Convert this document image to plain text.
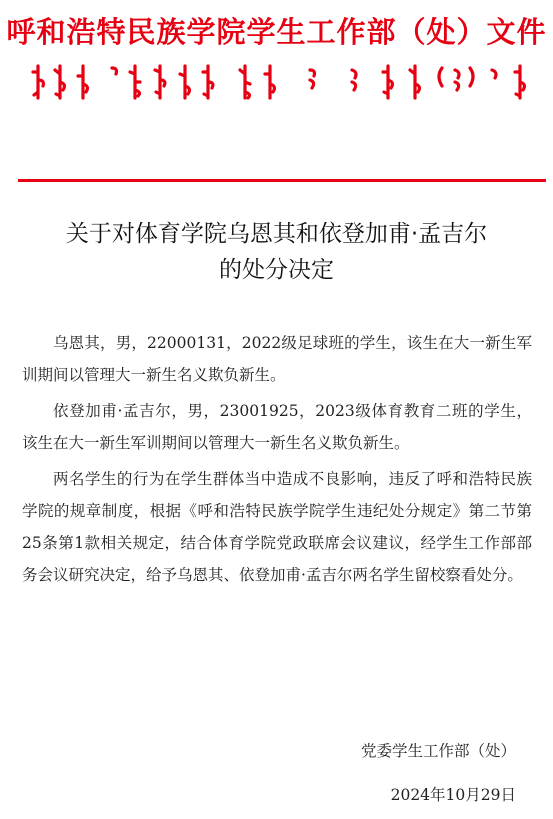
呼和浩特民族学院学生工作部（处）文件
关于对体育学院乌恩其和依登加甫·孟吉尔
的处分决定

乌恩其，男，22000131，2022级足球班的学生，该生在大一新生军训期间以管理大一新生名义欺负新生。

依登加甫·孟吉尔，男，23001925，2023级体育教育二班的学生，该生在大一新生军训期间以管理大一新生名义欺负新生。

两名学生的行为在学生群体当中造成不良影响，违反了呼和浩特民族学院的规章制度，根据《呼和浩特民族学院学生违纪处分规定》第二节第25条第1款相关规定，结合体育学院党政联席会议建议，经学生工作部部务会议研究决定，给予乌恩其、依登加甫·孟吉尔两名学生留校察看处分。

党委学生工作部（处）
2024年10月29日
